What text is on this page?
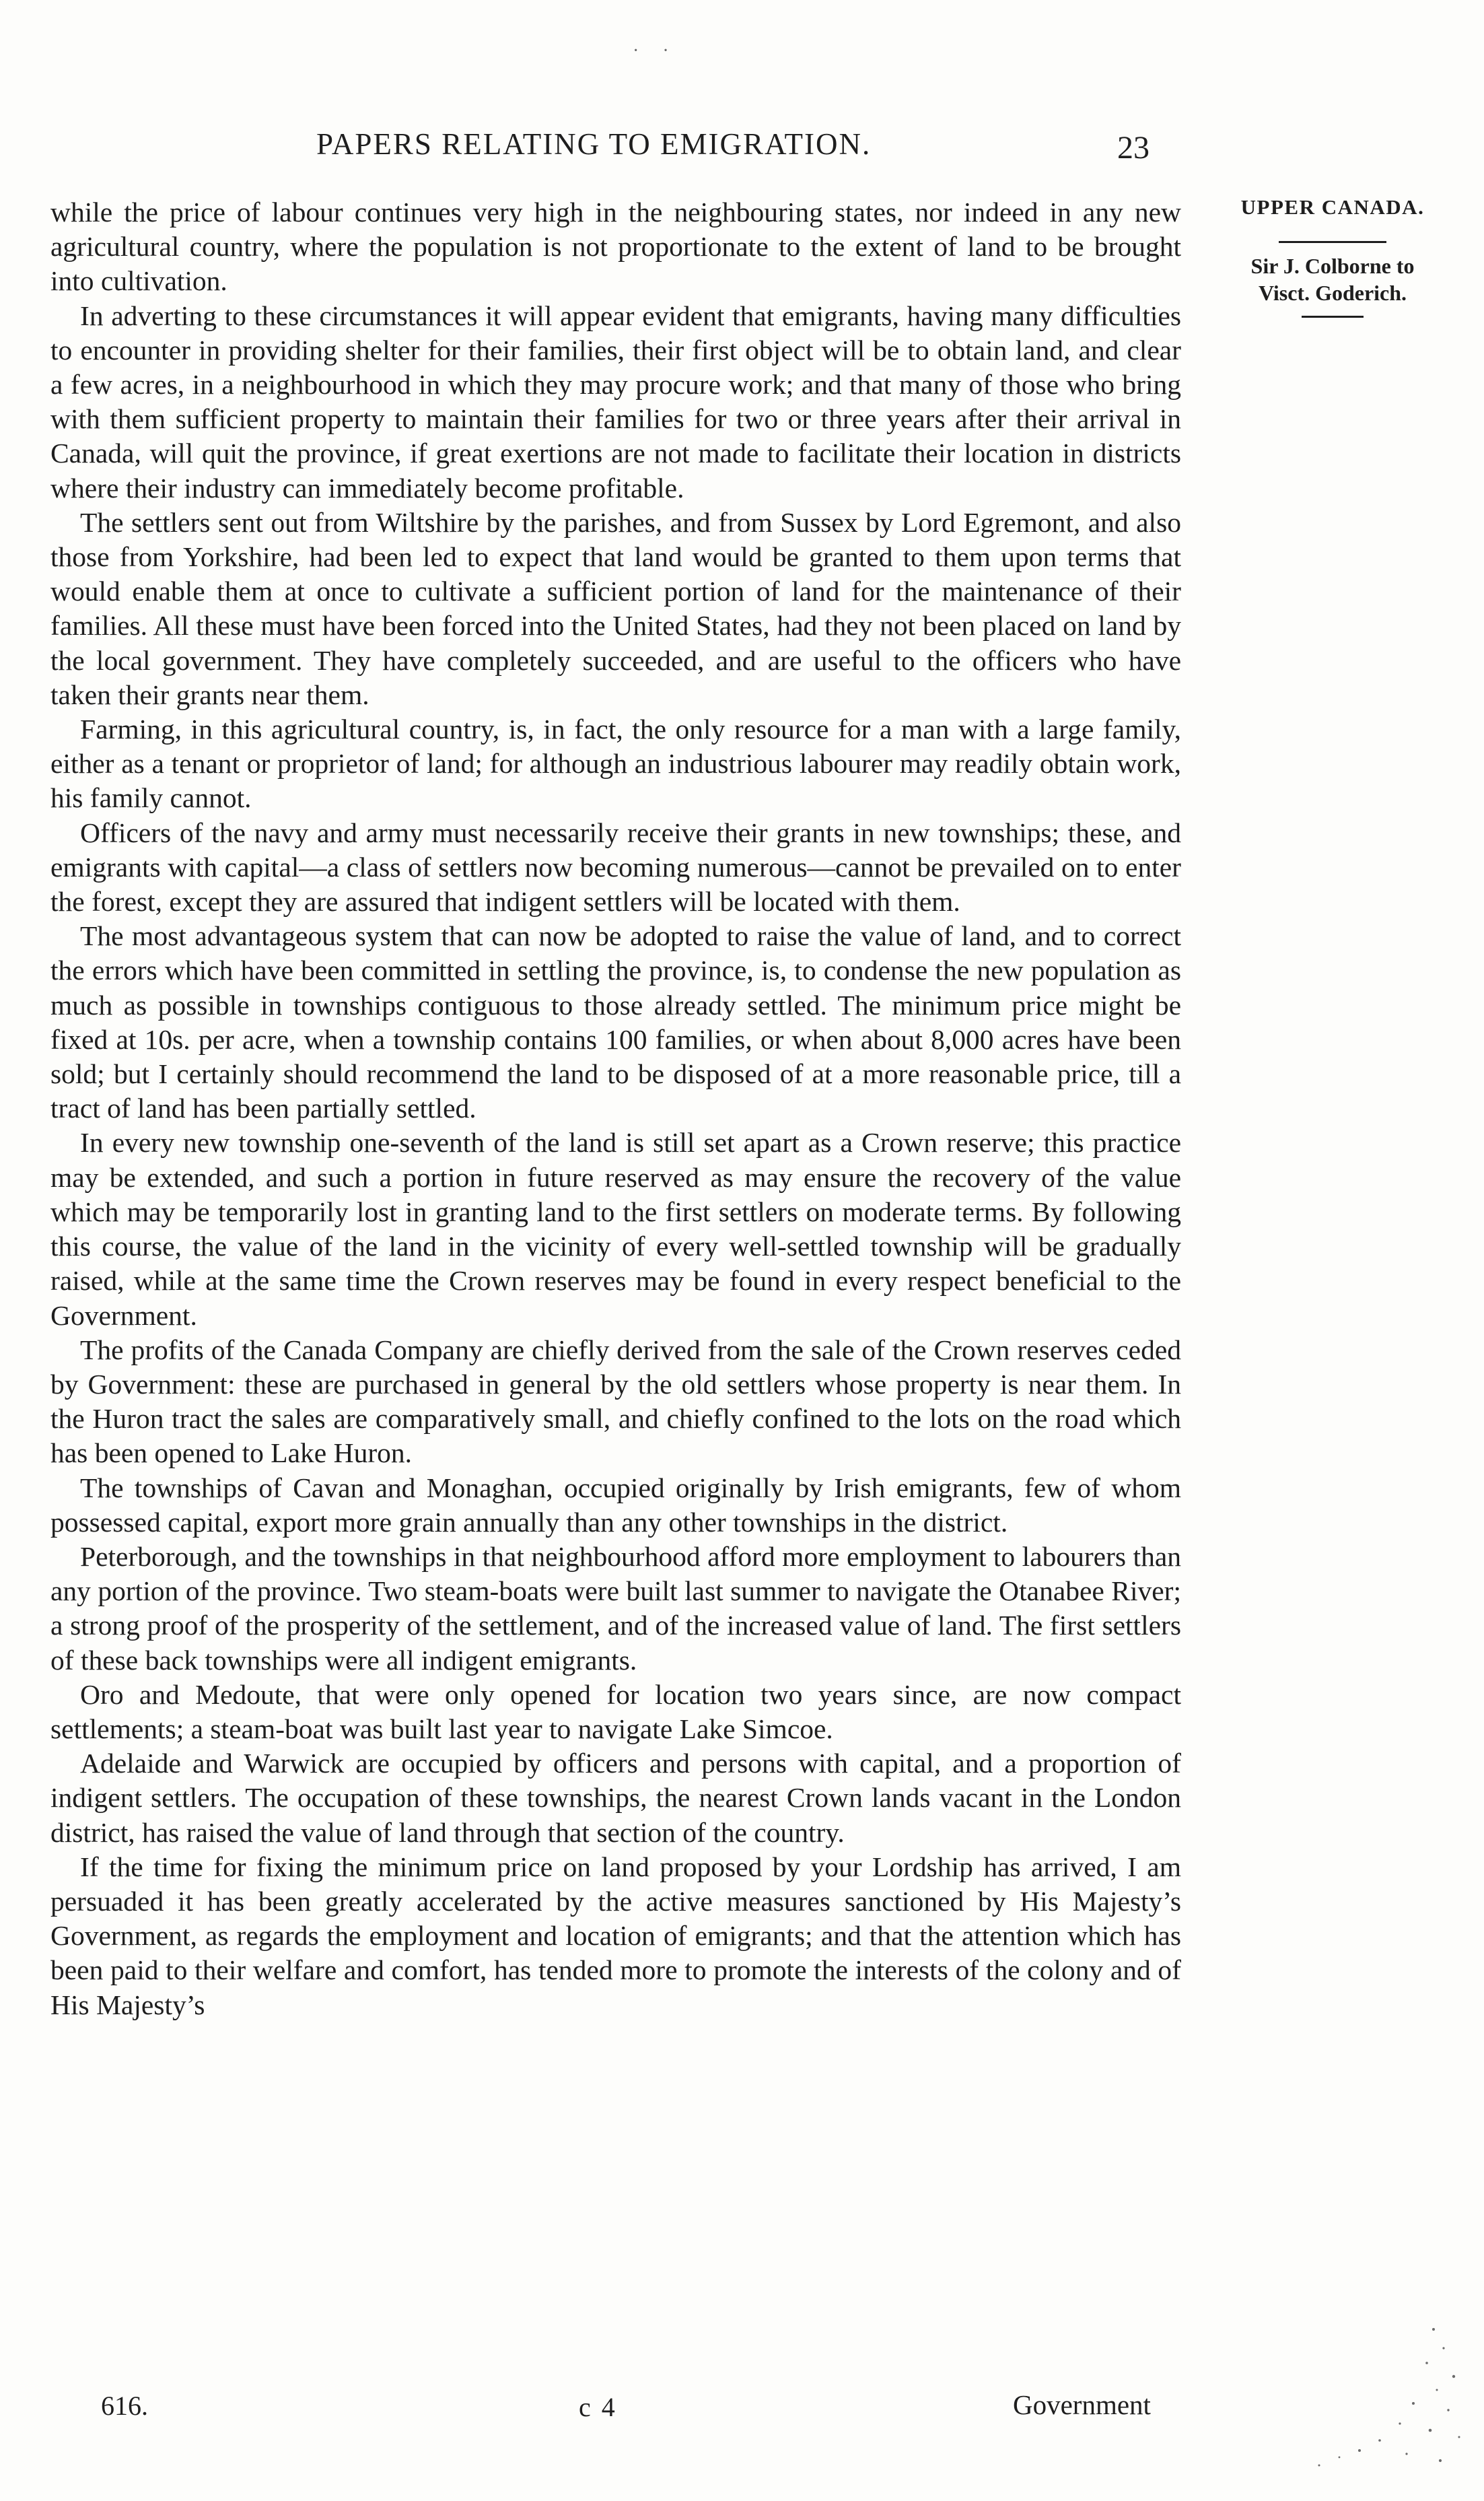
· ·
PAPERS RELATING TO EMIGRATION.	23
UPPER CANADA.
Sir J. Colborne to
Visct. Goderich.

while the price of labour continues very high in the neighbouring states, nor indeed in any new agricultural country, where the population is not proportionate to the extent of land to be brought into cultivation.

In adverting to these circumstances it will appear evident that emigrants, having many difficulties to encounter in providing shelter for their families, their first object will be to obtain land, and clear a few acres, in a neighbourhood in which they may procure work; and that many of those who bring with them sufficient property to maintain their families for two or three years after their arrival in Canada, will quit the province, if great exertions are not made to facilitate their location in districts where their industry can immediately become profitable.

The settlers sent out from Wiltshire by the parishes, and from Sussex by Lord Egremont, and also those from Yorkshire, had been led to expect that land would be granted to them upon terms that would enable them at once to cultivate a sufficient portion of land for the maintenance of their families. All these must have been forced into the United States, had they not been placed on land by the local government. They have completely succeeded, and are useful to the officers who have taken their grants near them.

Farming, in this agricultural country, is, in fact, the only resource for a man with a large family, either as a tenant or proprietor of land; for although an industrious labourer may readily obtain work, his family cannot.

Officers of the navy and army must necessarily receive their grants in new townships; these, and emigrants with capital—a class of settlers now becoming numerous—cannot be prevailed on to enter the forest, except they are assured that indigent settlers will be located with them.

The most advantageous system that can now be adopted to raise the value of land, and to correct the errors which have been committed in settling the province, is, to condense the new population as much as possible in townships contiguous to those already settled. The minimum price might be fixed at 10s. per acre, when a township contains 100 families, or when about 8,000 acres have been sold; but I certainly should recommend the land to be disposed of at a more reasonable price, till a tract of land has been partially settled.

In every new township one-seventh of the land is still set apart as a Crown reserve; this practice may be extended, and such a portion in future reserved as may ensure the recovery of the value which may be temporarily lost in granting land to the first settlers on moderate terms. By following this course, the value of the land in the vicinity of every well-settled township will be gradually raised, while at the same time the Crown reserves may be found in every respect beneficial to the Government.

The profits of the Canada Company are chiefly derived from the sale of the Crown reserves ceded by Government: these are purchased in general by the old settlers whose property is near them. In the Huron tract the sales are comparatively small, and chiefly confined to the lots on the road which has been opened to Lake Huron.

The townships of Cavan and Monaghan, occupied originally by Irish emigrants, few of whom possessed capital, export more grain annually than any other townships in the district.

Peterborough, and the townships in that neighbourhood afford more employment to labourers than any portion of the province. Two steam-boats were built last summer to navigate the Otanabee River; a strong proof of the prosperity of the settlement, and of the increased value of land. The first settlers of these back townships were all indigent emigrants.

Oro and Medoute, that were only opened for location two years since, are now compact settlements; a steam-boat was built last year to navigate Lake Simcoe.

Adelaide and Warwick are occupied by officers and persons with capital, and a proportion of indigent settlers. The occupation of these townships, the nearest Crown lands vacant in the London district, has raised the value of land through that section of the country.

If the time for fixing the minimum price on land proposed by your Lordship has arrived, I am persuaded it has been greatly accelerated by the active measures sanctioned by His Majesty’s Government, as regards the employment and location of emigrants; and that the attention which has been paid to their welfare and comfort, has tended more to promote the interests of the colony and of His Majesty’s

616.	c 4	Government
